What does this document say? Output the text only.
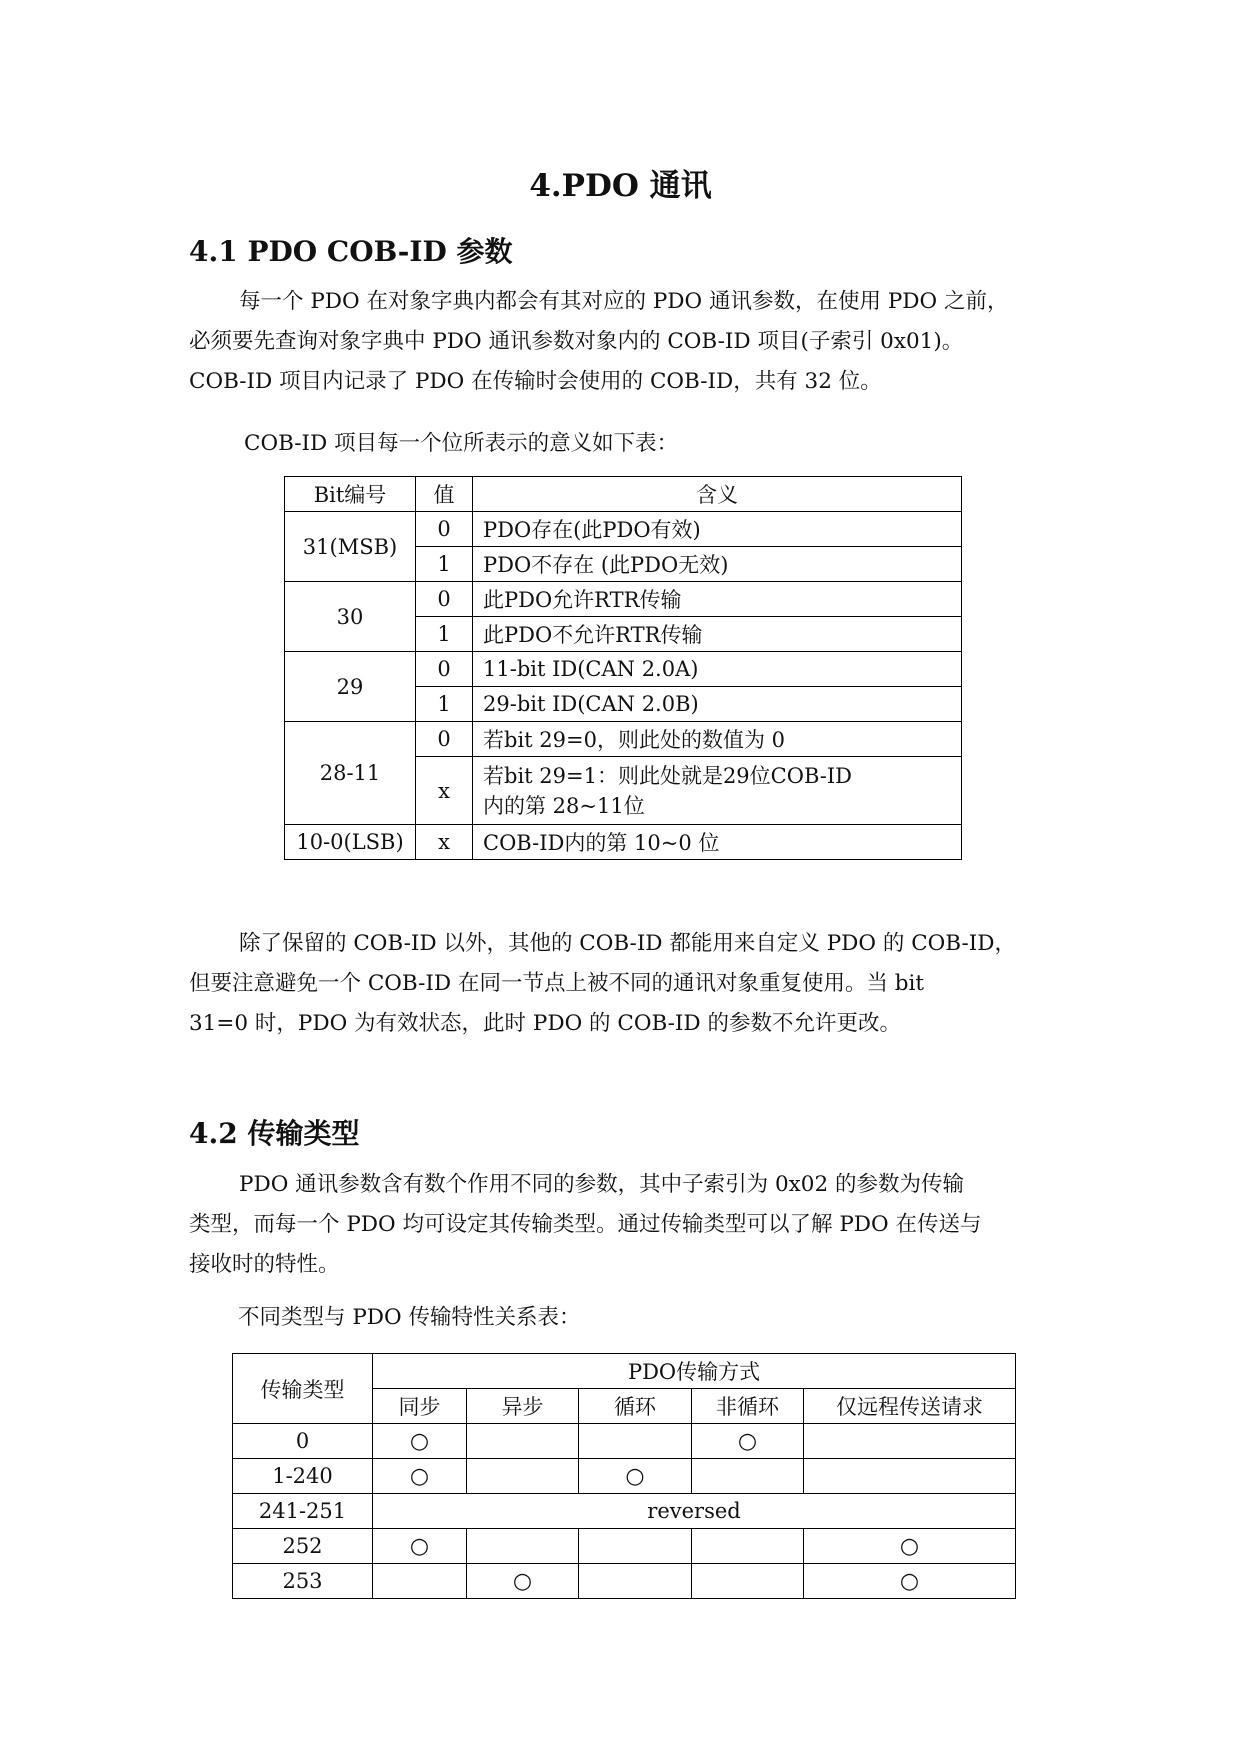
4.PDO 通讯
4.1 PDO COB-ID 参数
每一个 PDO 在对象字典内都会有其对应的 PDO 通讯参数，在使用 PDO 之前，
必须要先查询对象字典中 PDO 通讯参数对象内的 COB-ID 项目(子索引 0x01)。
COB-ID 项目内记录了 PDO 在传输时会使用的 COB-ID，共有 32 位。
COB-ID 项目每一个位所表示的意义如下表：
Bit编号	值	含义
31(MSB)	0	PDO存在(此PDO有效)
	1	PDO不存在 (此PDO无效)
30	0	此PDO允许RTR传输
	1	此PDO不允许RTR传输
29	0	11-bit ID(CAN 2.0A)
	1	29-bit ID(CAN 2.0B)
28-11	0	若bit 29=0，则此处的数值为 0
	x	若bit 29=1：则此处就是29位COB-ID
内的第 28~11位

10-0(LSB)	x	COB-ID内的第 10~0 位
除了保留的 COB-ID 以外，其他的 COB-ID 都能用来自定义 PDO 的 COB-ID，
但要注意避免一个 COB-ID 在同一节点上被不同的通讯对象重复使用。当 bit
31=0 时，PDO 为有效状态，此时 PDO 的 COB-ID 的参数不允许更改。
4.2 传输类型
PDO 通讯参数含有数个作用不同的参数，其中子索引为 0x02 的参数为传输
类型，而每一个 PDO 均可设定其传输类型。通过传输类型可以了解 PDO 在传送与
接收时的特性。
不同类型与 PDO 传输特性关系表：
传输类型	PDO传输方式				
	同步	异步	循环	非循环	仅远程传送请求
0	○			○	
1-240	○		○		
241-251	reversed				
252	○				○
253		○			○
